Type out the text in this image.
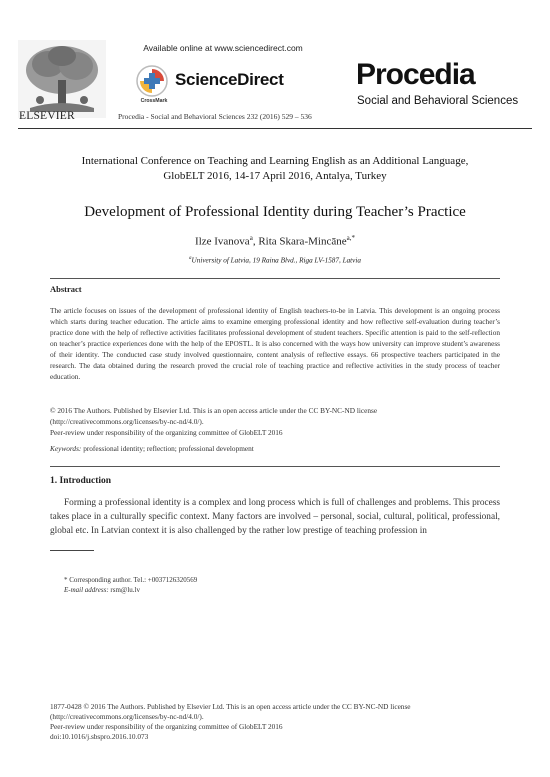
ELSEVIER
Available online at www.sciencedirect.com
CrossMark
ScienceDirect
Procedia - Social and Behavioral Sciences 232 (2016) 529 – 536
Procedia
Social and Behavioral Sciences
International Conference on Teaching and Learning English as an Additional Language,
GlobELT 2016, 14-17 April 2016, Antalya, Turkey
Development of Professional Identity during Teacher’s Practice
Ilze Ivanova$^a$, Rita Skara-Mincāne$^{a,*}$
$^a$University of Latvia, 19 Raina Blvd., Riga LV-1587, Latvia
Abstract
The article focuses on issues of the development of professional identity of English teachers-to-be in Latvia. This development is an ongoing process which starts during teacher education. The article aims to examine emerging professional identity and how reflective self-evaluation during teacher’s practice done with the help of reflective activities facilitates professional development of student teachers. Specific attention is paid to the self-reflection on teacher’s practice experiences done with the help of the EPOSTL. It is also concerned with the ways how university can improve student’s awareness of their identity. The conducted case study involved questionnaire, content analysis of reflective essays. 66 prospective teachers participated in the research. The data obtained during the research proved the crucial role of teaching practice and reflective activities in the study process of teacher education.
© 2016 The Authors. Published by Elsevier Ltd. This is an open access article under the CC BY-NC-ND license
(http://creativecommons.org/licenses/by-nc-nd/4.0/).
Peer-review under responsibility of the organizing committee of GlobELT 2016
Keywords: professional identity; reflection; professional development
1. Introduction
Forming a professional identity is a complex and long process which is full of challenges and problems. This process takes place in a culturally specific context. Many factors are involved – personal, social, cultural, political, professional, global etc. In Latvian context it is also challenged by the rather low prestige of teaching profession in
* Corresponding author. Tel.: +0037126320569
E-mail address: rsm@lu.lv
1877-0428 © 2016 The Authors. Published by Elsevier Ltd. This is an open access article under the CC BY-NC-ND license
(http://creativecommons.org/licenses/by-nc-nd/4.0/).
Peer-review under responsibility of the organizing committee of GlobELT 2016
doi:10.1016/j.sbspro.2016.10.073
